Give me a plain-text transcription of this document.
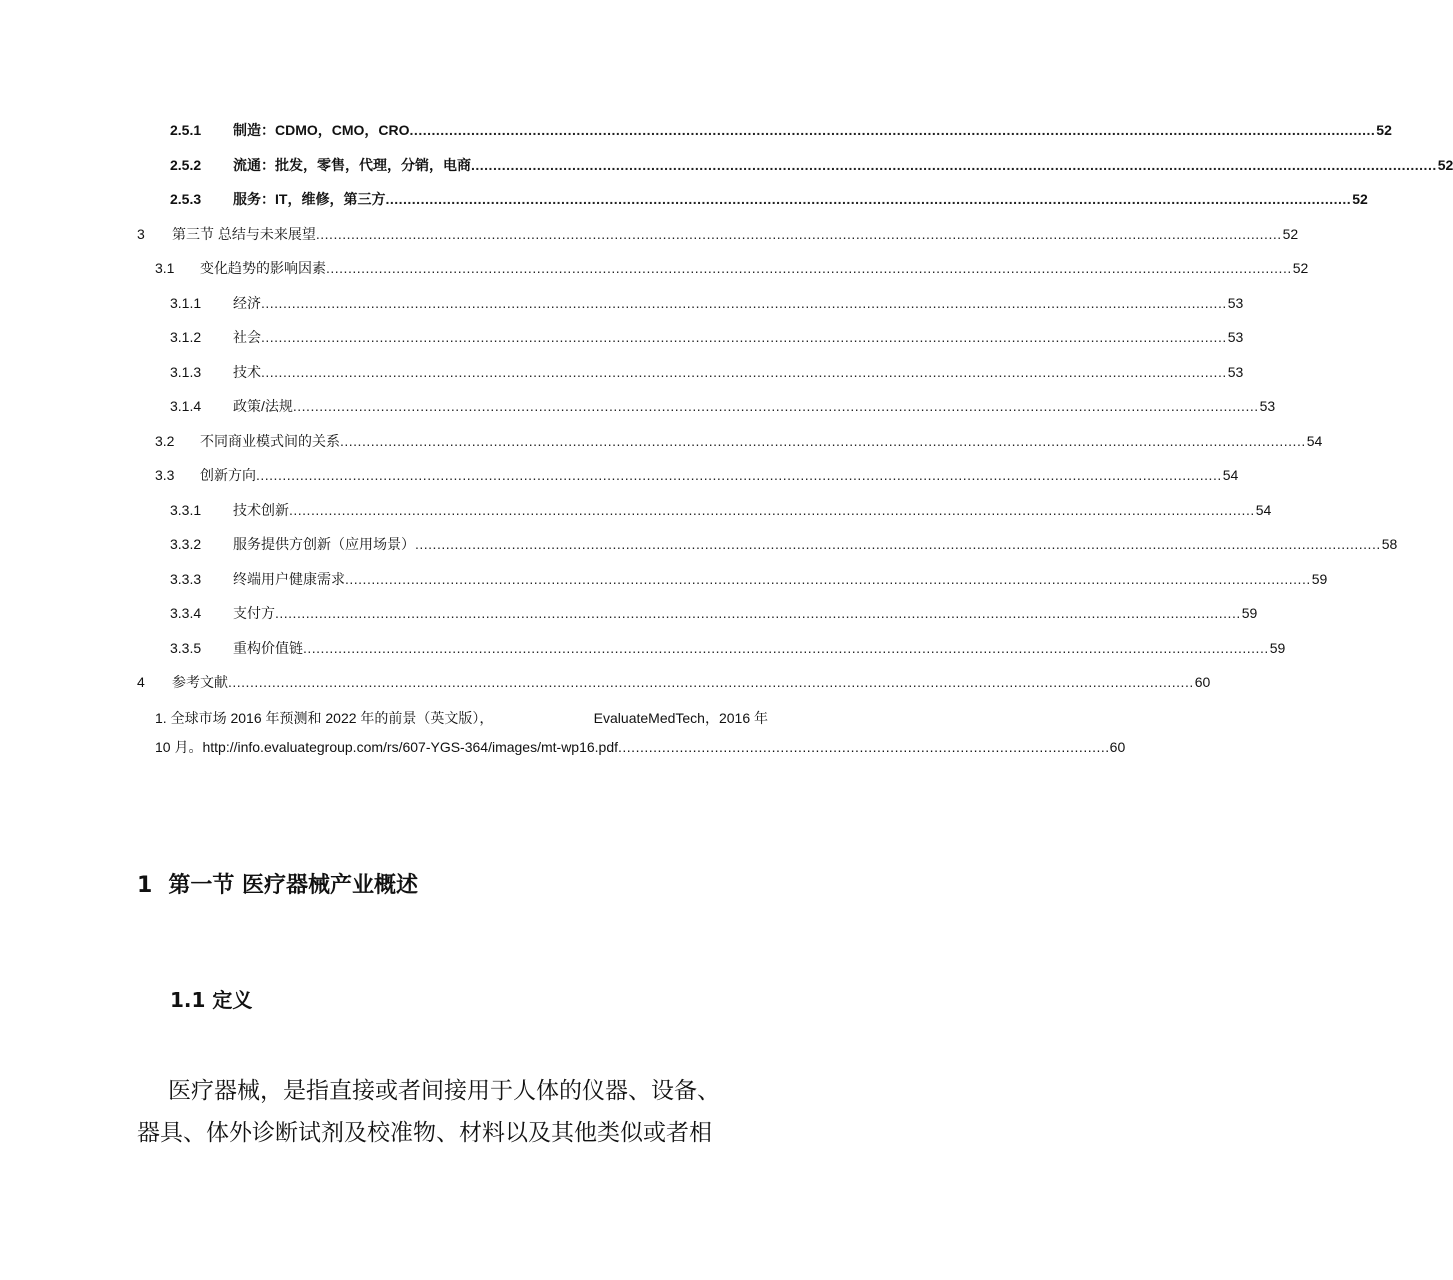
2.5.1 制造：CDMO，CMO，CRO ............................................................................................................................................................................................................................ 52
2.5.2 流通：批发，零售，代理，分销，电商 ............................................................................................................................................................................................................................ 52
2.5.3 服务：IT，维修，第三方 ............................................................................................................................................................................................................................ 52
3 第三节 总结与未来展望 ............................................................................................................................................................................................................................ 52
3.1 变化趋势的影响因素 ............................................................................................................................................................................................................................ 52
3.1.1 经济 ............................................................................................................................................................................................................................ 53
3.1.2 社会 ............................................................................................................................................................................................................................ 53
3.1.3 技术 ............................................................................................................................................................................................................................ 53
3.1.4 政策/法规 ............................................................................................................................................................................................................................ 53
3.2 不同商业模式间的关系 ............................................................................................................................................................................................................................ 54
3.3 创新方向 ............................................................................................................................................................................................................................ 54
3.3.1 技术创新 ............................................................................................................................................................................................................................ 54
3.3.2 服务提供方创新（应用场景） ............................................................................................................................................................................................................................ 58
3.3.3 终端用户健康需求 ............................................................................................................................................................................................................................ 59
3.3.4 支付方 ............................................................................................................................................................................................................................ 59
3.3.5 重构价值链 ............................................................................................................................................................................................................................ 59
4 参考文献 ............................................................................................................................................................................................................................ 60
1. 全球市场 2016 年预测和 2022 年的前景（英文版），	EvaluateMedTech，2016 年
10 月。http://info.evaluategroup.com/rs/607-YGS-364/images/mt-wp16.pdf ................................................................................................................ 60
1 第一节 医疗器械产业概述
1.1 定义

医疗器械，是指直接或者间接用于人体的仪器、设备、

器具、体外诊断试剂及校准物、材料以及其他类似或者相
